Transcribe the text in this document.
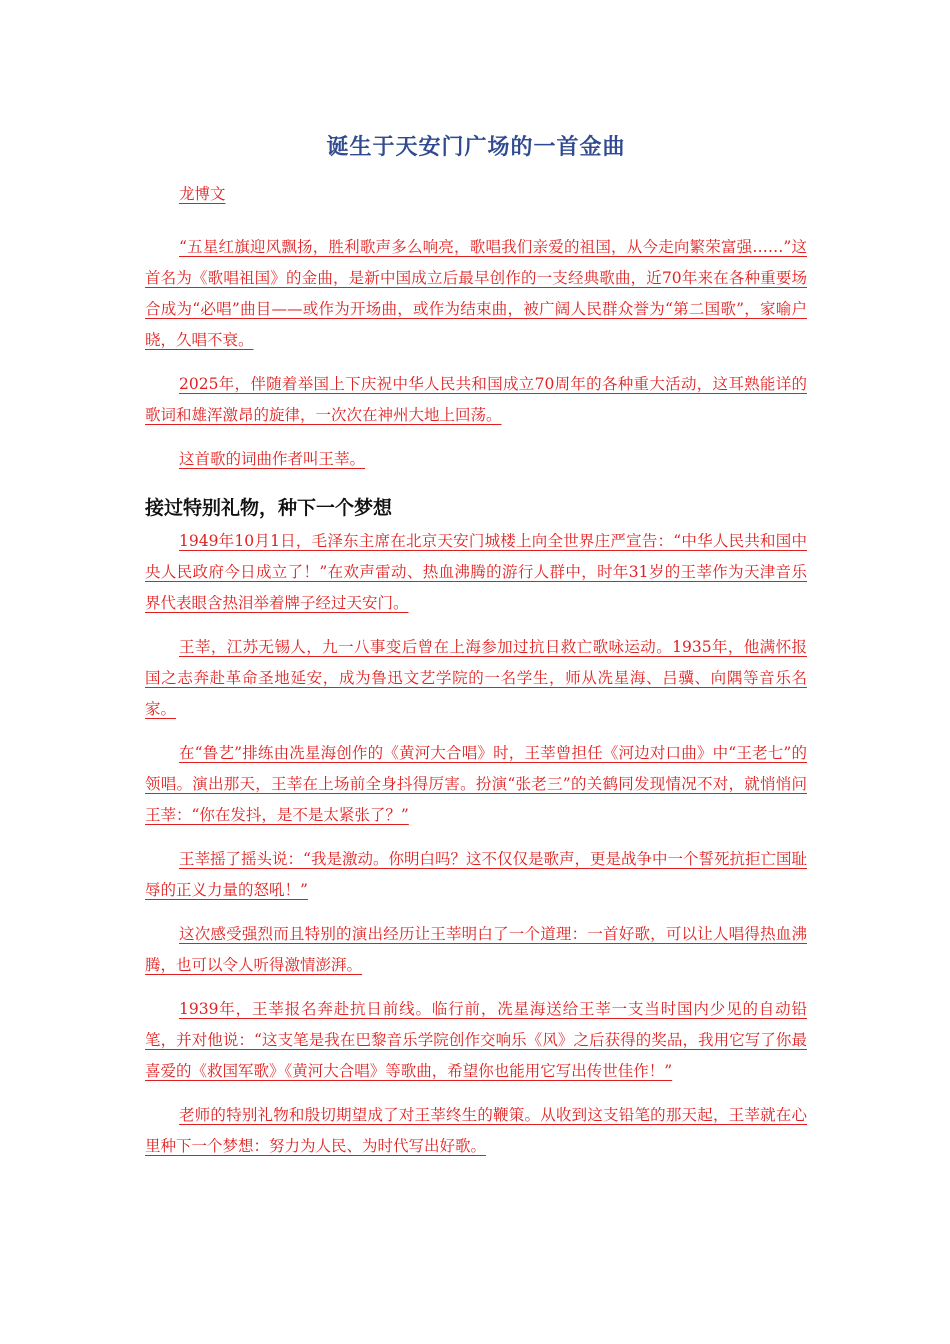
诞生于天安门广场的一首金曲

龙博文

“五星红旗迎风飘扬，胜利歌声多么响亮，歌唱我们亲爱的祖国，从今走向繁荣富强……”这首名为《歌唱祖国》的金曲，是新中国成立后最早创作的一支经典歌曲，近70年来在各种重要场合成为“必唱”曲目——或作为开场曲，或作为结束曲，被广阔人民群众誉为“第二国歌”，家喻户晓，久唱不衰。

2025年，伴随着举国上下庆祝中华人民共和国成立70周年的各种重大活动，这耳熟能详的歌词和雄浑激昂的旋律，一次次在神州大地上回荡。

这首歌的词曲作者叫王莘。

接过特别礼物，种下一个梦想

1949年10月1日，毛泽东主席在北京天安门城楼上向全世界庄严宣告：“中华人民共和国中央人民政府今日成立了！”在欢声雷动、热血沸腾的游行人群中，时年31岁的王莘作为天津音乐界代表眼含热泪举着牌子经过天安门。

王莘，江苏无锡人，九一八事变后曾在上海参加过抗日救亡歌咏运动。1935年，他满怀报国之志奔赴革命圣地延安，成为鲁迅文艺学院的一名学生，师从冼星海、吕骥、向隅等音乐名家。

在“鲁艺”排练由冼星海创作的《黄河大合唱》时，王莘曾担任《河边对口曲》中“王老七”的领唱。演出那天，王莘在上场前全身抖得厉害。扮演“张老三”的关鹤同发现情况不对，就悄悄问王莘：“你在发抖，是不是太紧张了？”

王莘摇了摇头说：“我是激动。你明白吗？这不仅仅是歌声，更是战争中一个誓死抗拒亡国耻辱的正义力量的怒吼！”

这次感受强烈而且特别的演出经历让王莘明白了一个道理：一首好歌，可以让人唱得热血沸腾，也可以令人听得激情澎湃。

1939年，王莘报名奔赴抗日前线。临行前，冼星海送给王莘一支当时国内少见的自动铅笔，并对他说：“这支笔是我在巴黎音乐学院创作交响乐《风》之后获得的奖品，我用它写了你最喜爱的《救国军歌》《黄河大合唱》等歌曲，希望你也能用它写出传世佳作！”

老师的特别礼物和殷切期望成了对王莘终生的鞭策。从收到这支铅笔的那天起，王莘就在心里种下一个梦想：努力为人民、为时代写出好歌。
